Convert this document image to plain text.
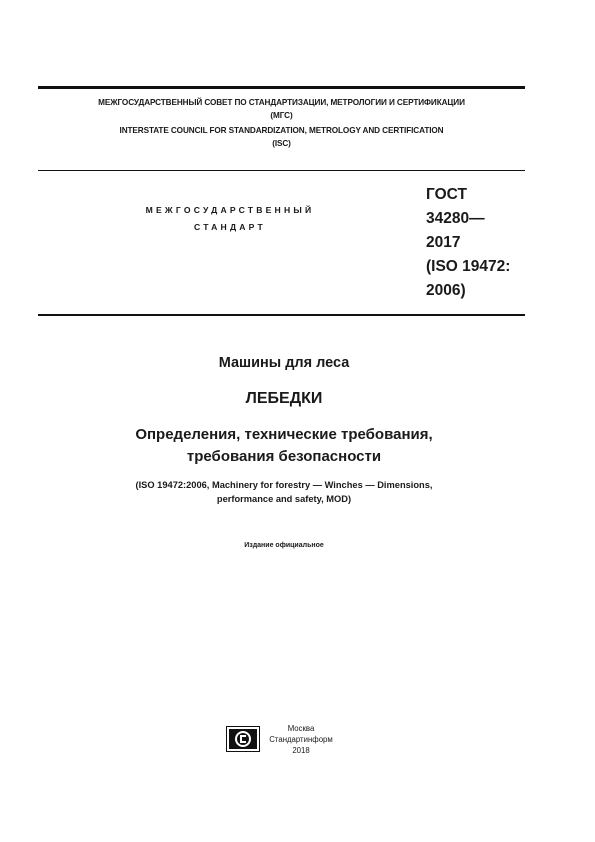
МЕЖГОСУДАРСТВЕННЫЙ СОВЕТ ПО СТАНДАРТИЗАЦИИ, МЕТРОЛОГИИ И СЕРТИФИКАЦИИ
(МГС)
INTERSTATE COUNCIL FOR STANDARDIZATION, METROLOGY AND CERTIFICATION
(ISC)
МЕЖГОСУДАРСТВЕННЫЙ
СТАНДАРТ
ГОСТ
34280—
2017
(ISO 19472:
2006)
Машины для леса
ЛЕБЕДКИ
Определения, технические требования,
требования безопасности
(ISO 19472:2006, Machinery for forestry — Winches — Dimensions,
performance and safety, MOD)
Издание официальное
Москва
Стандартинформ
2018
